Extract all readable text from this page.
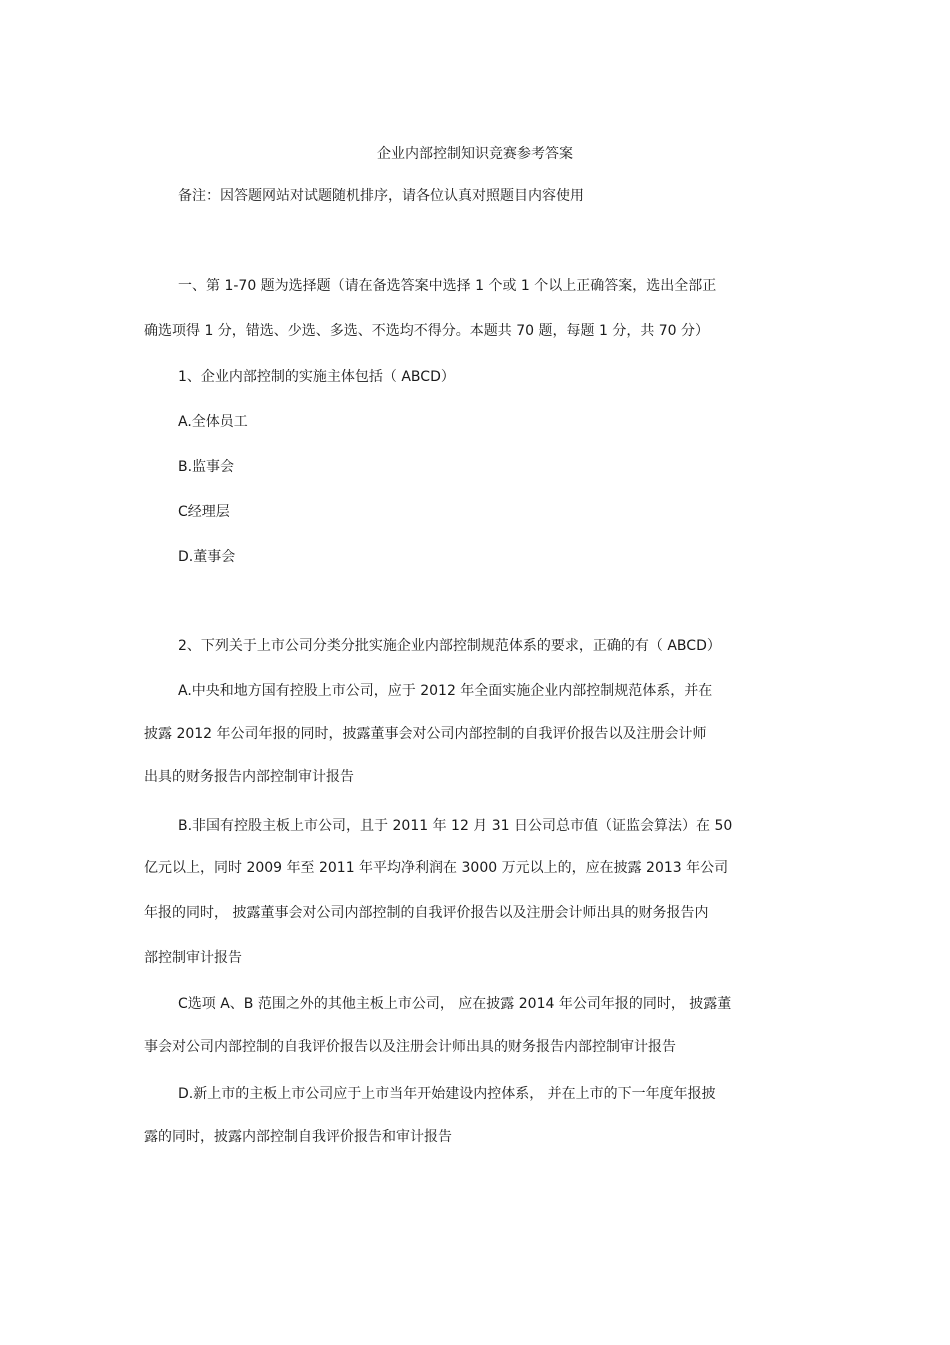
企业内部控制知识竞赛参考答案

备注：因答题网站对试题随机排序，请各位认真对照题目内容使用

一、第 1-70 题为选择题（请在备选答案中选择 1 个或 1 个以上正确答案，选出全部正

确选项得 1 分，错选、少选、多选、不选均不得分。本题共 70 题，每题 1 分，共 70 分）

1、企业内部控制的实施主体包括（ ABCD）

A.全体员工

B.监事会

C经理层

D.董事会

2、下列关于上市公司分类分批实施企业内部控制规范体系的要求，正确的有（ ABCD）

A.中央和地方国有控股上市公司，应于 2012 年全面实施企业内部控制规范体系，并在

披露 2012 年公司年报的同时，披露董事会对公司内部控制的自我评价报告以及注册会计师

出具的财务报告内部控制审计报告

B.非国有控股主板上市公司，且于 2011 年 12 月 31 日公司总市值（证监会算法）在 50

亿元以上，同时 2009 年至 2011 年平均净利润在 3000 万元以上的，应在披露 2013 年公司

年报的同时， 披露董事会对公司内部控制的自我评价报告以及注册会计师出具的财务报告内

部控制审计报告

C选项 A、B 范围之外的其他主板上市公司， 应在披露 2014 年公司年报的同时， 披露董

事会对公司内部控制的自我评价报告以及注册会计师出具的财务报告内部控制审计报告

D.新上市的主板上市公司应于上市当年开始建设内控体系， 并在上市的下一年度年报披

露的同时，披露内部控制自我评价报告和审计报告
